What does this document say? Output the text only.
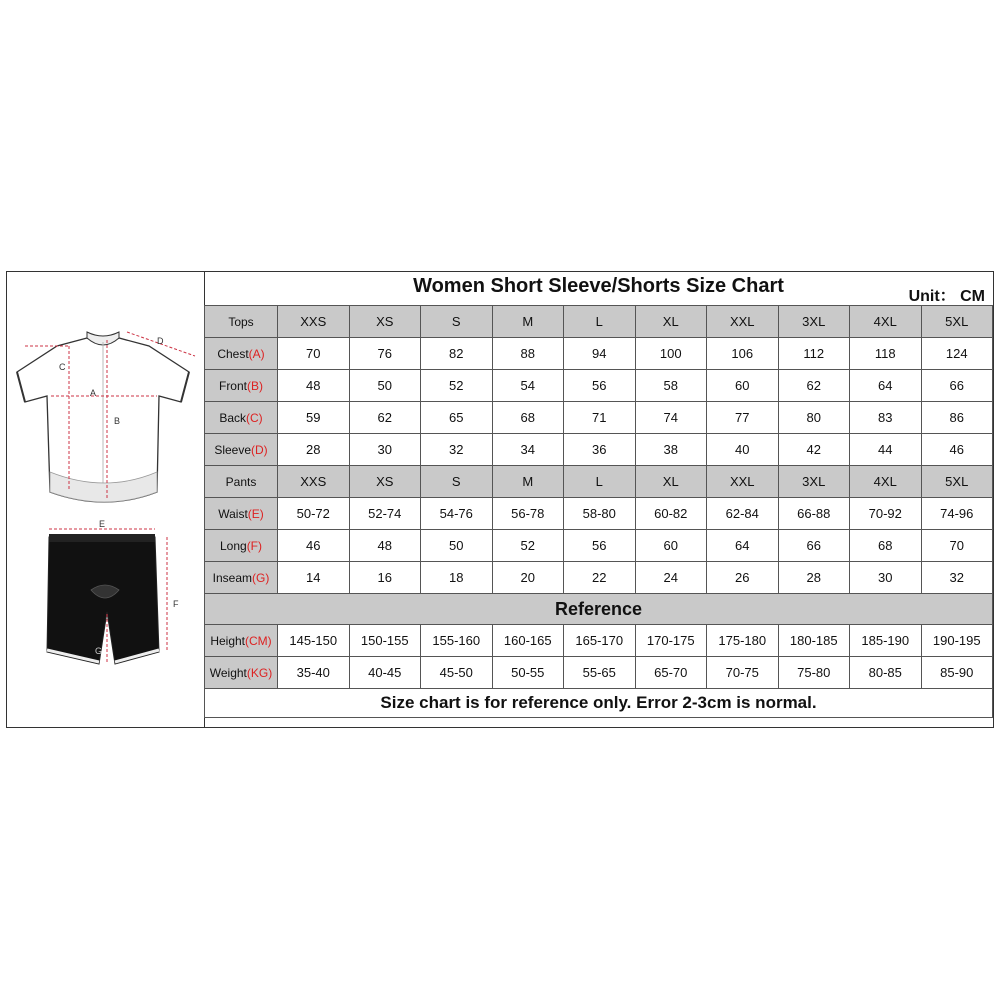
C
A
B
D
E
F
G
Women Short Sleeve/Shorts Size Chart	Unit： CM
Tops	XXS	XS	S	M	L	XL	XXL	3XL	4XL	5XL
Chest(A)	70	76	82	88	94	100	106	112	118	124
Front(B)	48	50	52	54	56	58	60	62	64	66
Back(C)	59	62	65	68	71	74	77	80	83	86
Sleeve(D)	28	30	32	34	36	38	40	42	44	46
Pants	XXS	XS	S	M	L	XL	XXL	3XL	4XL	5XL
Waist(E)	50-72	52-74	54-76	56-78	58-80	60-82	62-84	66-88	70-92	74-96
Long(F)	46	48	50	52	56	60	64	66	68	70
Inseam(G)	14	16	18	20	22	24	26	28	30	32
Reference										
Height(CM)	145-150	150-155	155-160	160-165	165-170	170-175	175-180	180-185	185-190	190-195
Weight(KG)	35-40	40-45	45-50	50-55	55-65	65-70	70-75	75-80	80-85	85-90
Size chart is for reference only. Error 2-3cm is normal.										
